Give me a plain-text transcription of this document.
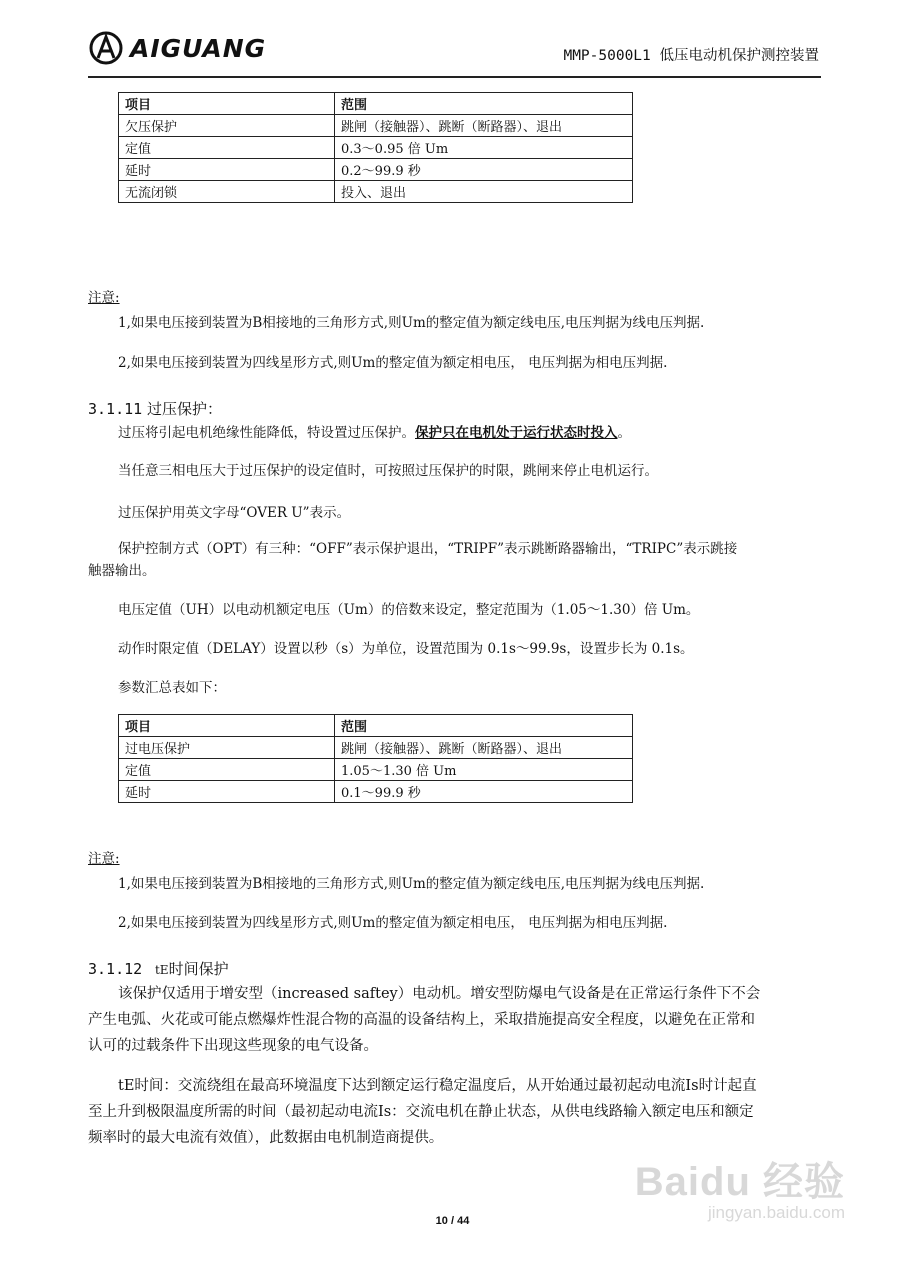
AIGUANG	MMP-5000L1 低压电动机保护测控装置
项目	范围
欠压保护	跳闸（接触器）、跳断（断路器）、退出
定值	0.3～0.95 倍 Um
延时	0.2～99.9 秒
无流闭锁	投入、退出
注意:
1,如果电压接到装置为B相接地的三角形方式,则Um的整定值为额定线电压,电压判据为线电压判据.
2,如果电压接到装置为四线星形方式,则Um的整定值为额定相电压， 电压判据为相电压判据.
3.1.11 过压保护：
过压将引起电机绝缘性能降低，特设置过压保护。保护只在电机处于运行状态时投入。
当任意三相电压大于过压保护的设定值时，可按照过压保护的时限，跳闸来停止电机运行。
过压保护用英文字母“OVER U”表示。
保护控制方式（OPT）有三种：“OFF”表示保护退出，“TRIPF”表示跳断路器输出，“TRIPC”表示跳接
触器输出。
电压定值（UH）以电动机额定电压（Um）的倍数来设定，整定范围为（1.05～1.30）倍 Um。
动作时限定值（DELAY）设置以秒（s）为单位，设置范围为 0.1s～99.9s，设置步长为 0.1s。
参数汇总表如下：
项目	范围
过电压保护	跳闸（接触器）、跳断（断路器）、退出
定值	1.05～1.30 倍 Um
延时	0.1～99.9 秒
注意:
1,如果电压接到装置为B相接地的三角形方式,则Um的整定值为额定线电压,电压判据为线电压判据.
2,如果电压接到装置为四线星形方式,则Um的整定值为额定相电压， 电压判据为相电压判据.
3.1.12 tE时间保护
该保护仅适用于增安型（increased saftey）电动机。增安型防爆电气设备是在正常运行条件下不会
产生电弧、火花或可能点燃爆炸性混合物的高温的设备结构上，采取措施提高安全程度，以避免在正常和
认可的过载条件下出现这些现象的电气设备。
tE时间：交流绕组在最高环境温度下达到额定运行稳定温度后，从开始通过最初起动电流Is时计起直
至上升到极限温度所需的时间（最初起动电流Is：交流电机在静止状态，从供电线路输入额定电压和额定
频率时的最大电流有效值），此数据由电机制造商提供。
Baidu 经验
jingyan.baidu.com
10 / 44
